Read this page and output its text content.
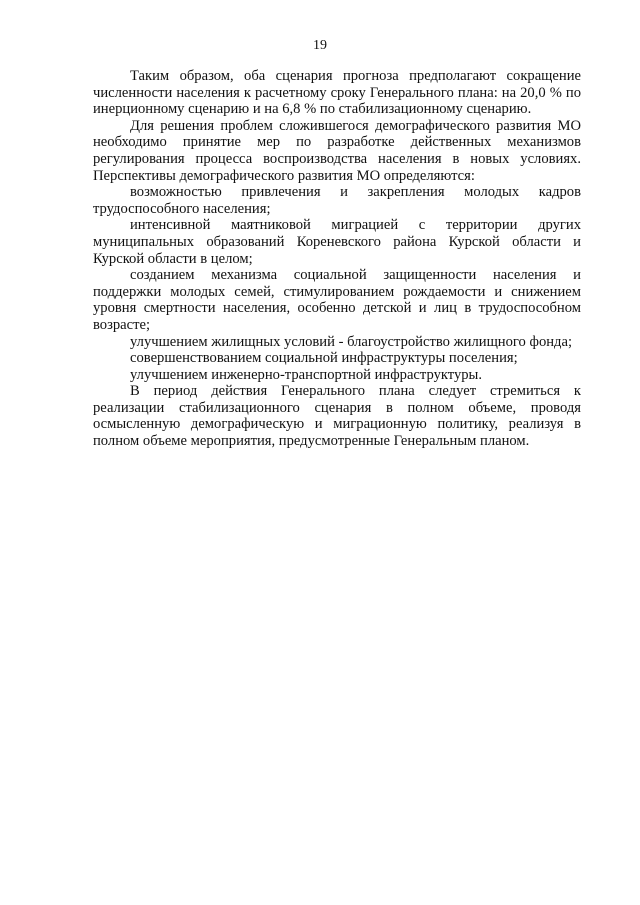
19

Таким образом, оба сценария прогноза предполагают сокращение численности населения к расчетному сроку Генерального плана: на 20,0 % по инерционному сценарию и на 6,8 % по стабилизационному сценарию.

Для решения проблем сложившегося демографического развития МО необходимо принятие мер по разработке действенных механизмов регулирования процесса воспроизводства населения в новых условиях. Перспективы демографического развития МО определяются:

возможностью привлечения и закрепления молодых кадров трудоспособного населения;

интенсивной маятниковой миграцией с территории других муниципальных образований Кореневского района Курской области и Курской области в целом;

созданием механизма социальной защищенности населения и поддержки молодых семей, стимулированием рождаемости и снижением уровня смертности населения, особенно детской и лиц в трудоспособном возрасте;

улучшением жилищных условий - благоустройство жилищного фонда;

совершенствованием социальной инфраструктуры поселения;

улучшением инженерно-транспортной инфраструктуры.

В период действия Генерального плана следует стремиться к реализации стабилизационного сценария в полном объеме, проводя осмысленную демографическую и миграционную политику, реализуя в полном объеме мероприятия, предусмотренные Генеральным планом.
